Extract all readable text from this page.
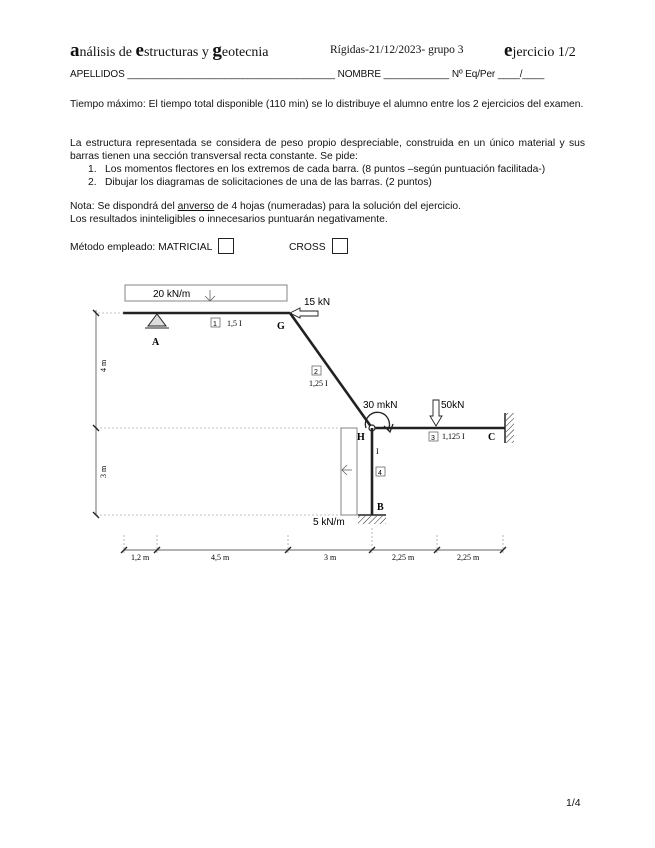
análisis de estructuras y geotecnia	Rígidas-21/12/2023- grupo 3 ejercicio 1/2
APELLIDOS ______________________________________ NOMBRE ____________ Nº Eq/Per ____/____
Tiempo máximo: El tiempo total disponible (110 min) se lo distribuye el alumno entre los 2 ejercicios del examen.
La estructura representada se considera de peso propio despreciable, construida en un único material y sus barras tienen una sección transversal recta constante. Se pide:
1. Los momentos flectores en los extremos de cada barra. (8 puntos –según puntuación facilitada-)
2. Dibujar los diagramas de solicitaciones de una de las barras. (2 puntos)
Nota: Se dispondrá del anverso de 4 hojas (numeradas) para la solución del ejercicio.
Los resultados ininteligibles o innecesarios puntuarán negativamente.
Método empleado: MATRICIAL	CROSS
20 kN/m
A
1 1,5 I	G
15 kN
2
1,25 I
30 mkN
H
50kN
3 1,125 I C
I
4
5 kN/m
B
4 m
3 m
1,2 m	4,5 m	3 m	2,25 m	2,25 m
1/4
